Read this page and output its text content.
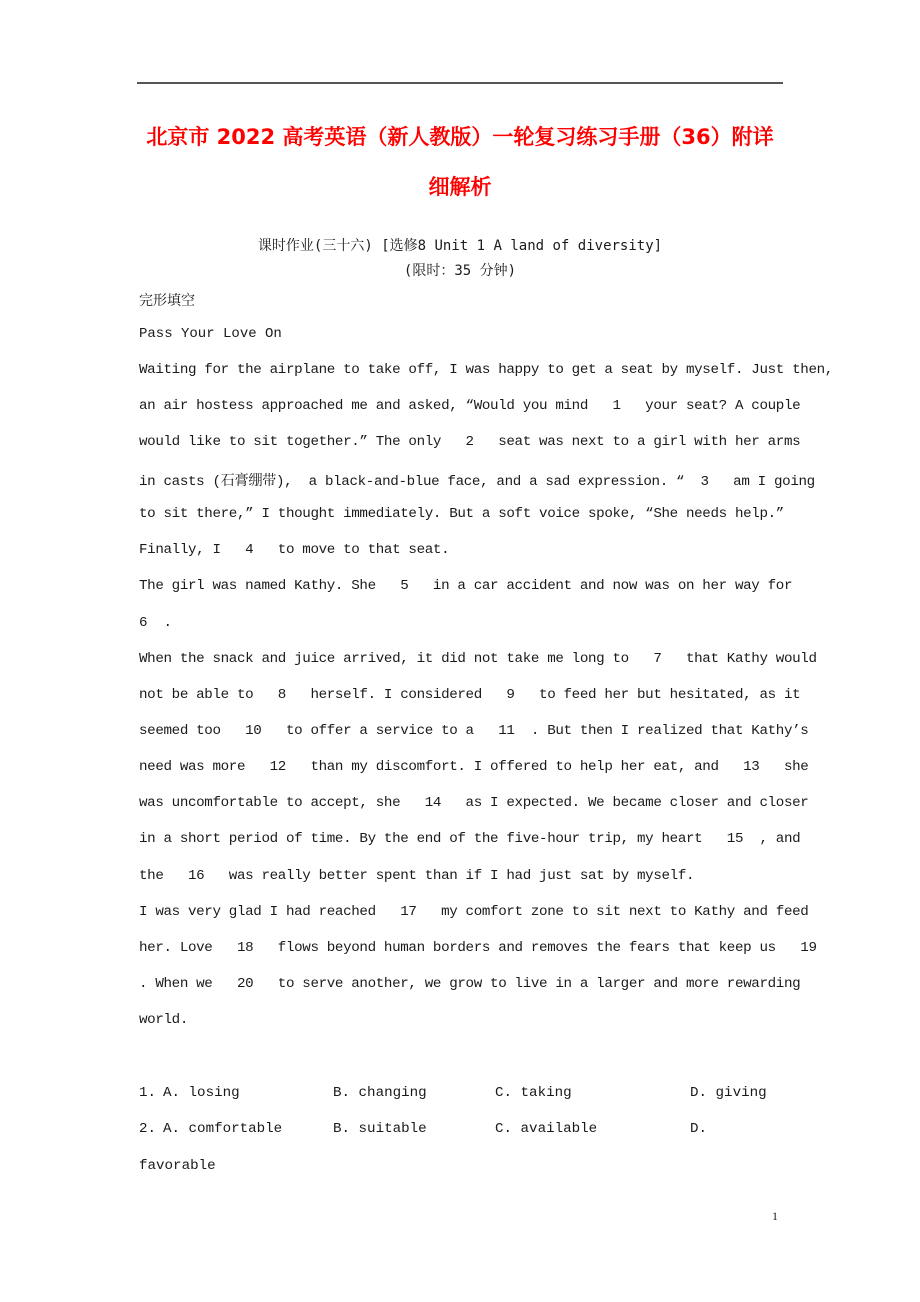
北京市 2022 高考英语（新人教版）一轮复习练习手册（36）附详
细解析
课时作业(三十六) [选修8 Unit 1 A land of diversity]
(限时：35 分钟)
完形填空
Pass Your Love On
Waiting for the airplane to take off, I was happy to get a seat by myself. Just then,
an air hostess approached me and asked, “Would you mind   1   your seat? A couple
would like to sit together.” The only   2   seat was next to a girl with her arms
in casts (石膏绷带),  a black-and-blue face, and a sad expression. “  3   am I going
to sit there,” I thought immediately. But a soft voice spoke, “She needs help.”
Finally, I   4   to move to that seat.
The girl was named Kathy. She   5   in a car accident and now was on her way for
6  .
When the snack and juice arrived, it did not take me long to   7   that Kathy would
not be able to   8   herself. I considered   9   to feed her but hesitated, as it
seemed too   10   to offer a service to a   11  . But then I realized that Kathy’s
need was more   12   than my discomfort. I offered to help her eat, and   13   she
was uncomfortable to accept, she   14   as I expected. We became closer and closer
in a short period of time. By the end of the five-hour trip, my heart   15  , and
the   16   was really better spent than if I had just sat by myself.
I was very glad I had reached   17   my comfort zone to sit next to Kathy and feed
her. Love   18   flows beyond human borders and removes the fears that keep us   19
. When we   20   to serve another, we grow to live in a larger and more rewarding
world.
1. A. losing	B. changing	C. taking	D. giving
2. A. comfortable	B. suitable	C. available	D.
favorable
1
